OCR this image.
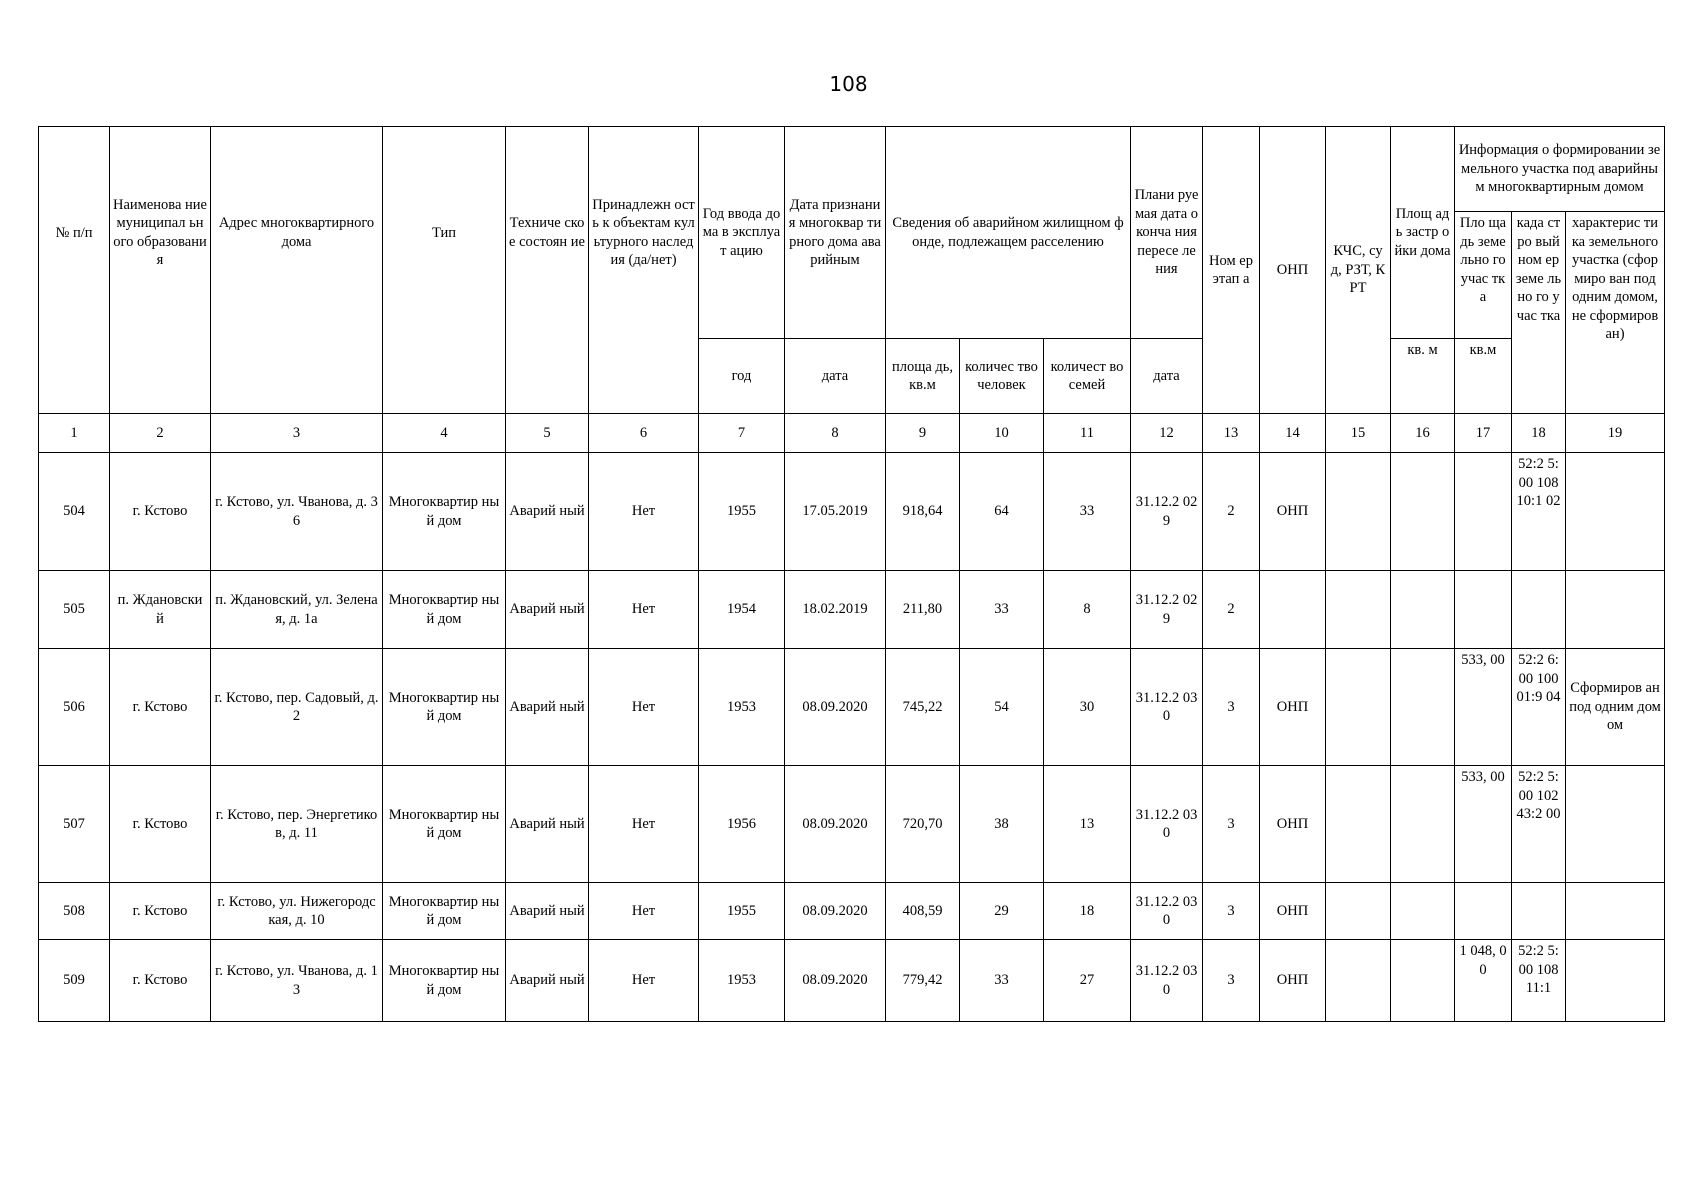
108
№ п/п	Наименова ние муниципал ьного образовани я	Адрес многоквартирного дома	Тип	Техниче ское состоян ие	Принадлежн ость к объектам культурного наследия (да/нет)	Год ввода дома в эксплуат ацию	Дата признания многоквар тирного дома аварийным	Сведения об аварийном жилищном фонде, подлежащем расселению			Плани руемая дата оконча ния пересе ления	Ном ер этап а	ОНП	КЧС, суд, РЗТ, КРТ	Площ адь застр ойки дома	Информация о формировании земельного участка под аварийным многоквартирным домом		
																Пло щадь земе льно го учас тка	када стро вый ном ер земе льно го учас тка	характерис тика земельного участка (сформиро ван под одним домом, не сформиров ан)
						год	дата	площа дь, кв.м	количес тво человек	количест во семей	дата				кв. м	кв.м		
1	2	3	4	5	6	7	8	9	10	11	12	13	14	15	16	17	18	19
504	г. Кстово	г. Кстово, ул. Чванова, д. 36	Многоквартир ный дом	Аварий ный	Нет	1955	17.05.2019	918,64	64	33	31.12.2 029	2	ОНП				52:2 5:00 108 10:1 02	
505	п. Ждановски й	п. Ждановский, ул. Зеленая, д. 1а	Многоквартир ный дом	Аварий ный	Нет	1954	18.02.2019	211,80	33	8	31.12.2 029	2						
506	г. Кстово	г. Кстово, пер. Садовый, д. 2	Многоквартир ный дом	Аварий ный	Нет	1953	08.09.2020	745,22	54	30	31.12.2 030	3	ОНП			533, 00	52:2 6:00 100 01:9 04	Сформиров ан под одним домом
507	г. Кстово	г. Кстово, пер. Энергетиков, д. 11	Многоквартир ный дом	Аварий ный	Нет	1956	08.09.2020	720,70	38	13	31.12.2 030	3	ОНП			533, 00	52:2 5:00 102 43:2 00	
508	г. Кстово	г. Кстово, ул. Нижегородская, д. 10	Многоквартир ный дом	Аварий ный	Нет	1955	08.09.2020	408,59	29	18	31.12.2 030	3	ОНП					
509	г. Кстово	г. Кстово, ул. Чванова, д. 13	Многоквартир ный дом	Аварий ный	Нет	1953	08.09.2020	779,42	33	27	31.12.2 030	3	ОНП			1 048, 00	52:2 5:00 108 11:1	
